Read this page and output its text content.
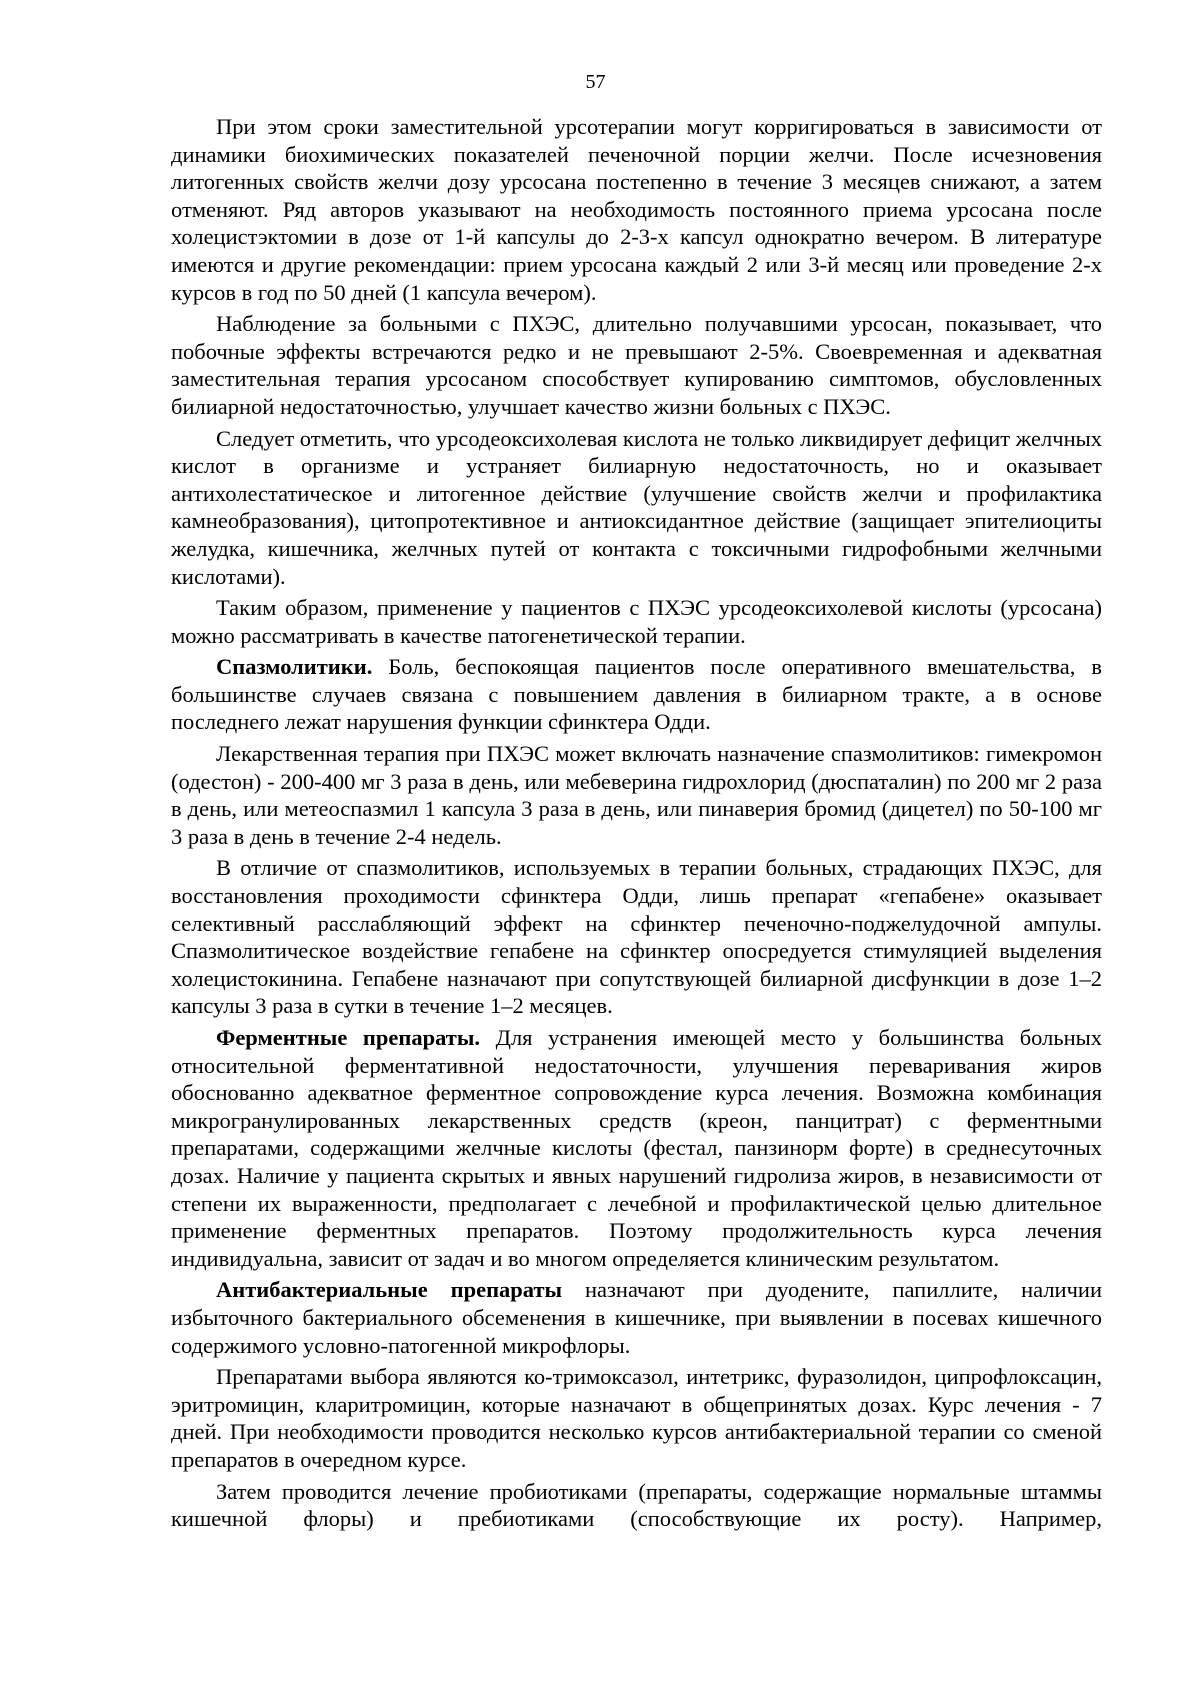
57

При этом сроки заместительной урсотерапии могут корригироваться в зависимости от динамики биохимических показателей печеночной порции желчи. После исчезновения литогенных свойств желчи дозу урсосана постепенно в течение 3 месяцев снижают, а затем отменяют. Ряд авторов указывают на необходимость постоянного приема урсосана после холецистэктомии в дозе от 1-й капсулы до 2-3-х капсул однократно вечером. В литературе имеются и другие рекомендации: прием урсосана каждый 2 или 3-й месяц или проведение 2-х курсов в год по 50 дней (1 капсула вечером).

Наблюдение за больными с ПХЭС, длительно получавшими урсосан, показывает, что побочные эффекты встречаются редко и не превышают 2-5%. Своевременная и адекватная заместительная терапия урсосаном способствует купированию симптомов, обусловленных билиарной недостаточностью, улучшает качество жизни больных с ПХЭС.

Следует отметить, что урсодеоксихолевая кислота не только ликвидирует дефицит желчных кислот в организме и устраняет билиарную недостаточность, но и оказывает антихолестатическое и литогенное действие (улучшение свойств желчи и профилактика камнеобразования), цитопротективное и антиоксидантное действие (защищает эпителиоциты желудка, кишечника, желчных путей от контакта с токсичными гидрофобными желчными кислотами).

Таким образом, применение у пациентов с ПХЭС урсодеоксихолевой кислоты (урсосана) можно рассматривать в качестве патогенетической терапии.

Спазмолитики. Боль, беспокоящая пациентов после оперативного вмешательства, в большинстве случаев связана с повышением давления в билиарном тракте, а в основе последнего лежат нарушения функции сфинктера Одди.

Лекарственная терапия при ПХЭС может включать назначение спазмолитиков: гимекромон (одестон) - 200-400 мг 3 раза в день, или мебеверина гидрохлорид (дюспаталин) по 200 мг 2 раза в день, или метеоспазмил 1 капсула 3 раза в день, или пинаверия бромид (дицетел) по 50-100 мг 3 раза в день в течение 2-4 недель.

В отличие от спазмолитиков, используемых в терапии больных, страдающих ПХЭС, для восстановления проходимости сфинктера Одди, лишь препарат «гепабене» оказывает селективный расслабляющий эффект на сфинктер печеночно-поджелудочной ампулы. Спазмолитическое воздействие гепабене на сфинктер опосредуется стимуляцией выделения холецистокинина. Гепабене назначают при сопутствующей билиарной дисфункции в дозе 1–2 капсулы 3 раза в сутки в течение 1–2 месяцев.

Ферментные препараты. Для устранения имеющей место у большинства больных относительной ферментативной недостаточности, улучшения переваривания жиров обоснованно адекватное ферментное сопровождение курса лечения. Возможна комбинация микрогранулированных лекарственных средств (креон, панцитрат) с ферментными препаратами, содержащими желчные кислоты (фестал, панзинорм форте) в среднесуточных дозах. Наличие у пациента скрытых и явных нарушений гидролиза жиров, в независимости от степени их выраженности, предполагает с лечебной и профилактической целью длительное применение ферментных препаратов. Поэтому продолжительность курса лечения индивидуальна, зависит от задач и во многом определяется клиническим результатом.

Антибактериальные препараты назначают при дуодените, папиллите, наличии избыточного бактериального обсеменения в кишечнике, при выявлении в посевах кишечного содержимого условно-патогенной микрофлоры.

Препаратами выбора являются ко-тримоксазол, интетрикс, фуразолидон, ципрофлоксацин, эритромицин, кларитромицин, которые назначают в общепринятых дозах. Курс лечения - 7 дней. При необходимости проводится несколько курсов антибактериальной терапии со сменой препаратов в очередном курсе.

Затем проводится лечение пробиотиками (препараты, содержащие нормальные штаммы кишечной флоры) и пребиотиками (способствующие их росту). Например,
